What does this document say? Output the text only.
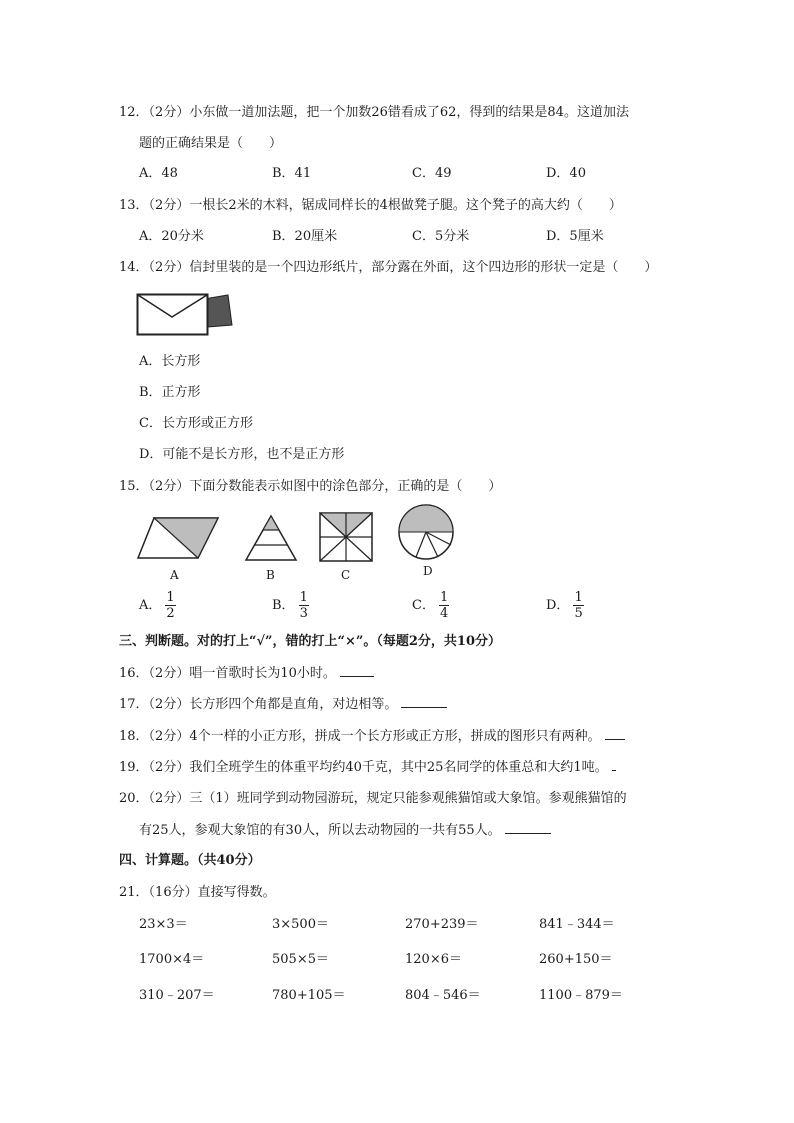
12．（2分）小东做一道加法题，把一个加数26错看成了62，得到的结果是84。这道加法
题的正确结果是（　　）
A．48	B．41	C．49	D．40
13．（2分）一根长2米的木料，锯成同样长的4根做凳子腿。这个凳子的高大约（　　）
A．20分米	B．20厘米	C．5分米	D．5厘米
14．（2分）信封里装的是一个四边形纸片，部分露在外面，这个四边形的形状一定是（　　）
A．长方形
B．正方形
C．长方形或正方形
D．可能不是长方形，也不是正方形
15．（2分）下面分数能表示如图中的涂色部分，正确的是（　　）
A	B	C	D
A． $\frac{1}{2}$	B． $\frac{1}{3}$	C． $\frac{1}{4}$	D． $\frac{1}{5}$
三、判断题。对的打上“√”，错的打上“×”。（每题2分，共10分）
16．（2分）唱一首歌时长为10小时。
17．（2分）长方形四个角都是直角，对边相等。
18．（2分）4个一样的小正方形，拼成一个长方形或正方形，拼成的图形只有两种。
19．（2分）我们全班学生的体重平均约40千克，其中25名同学的体重总和大约1吨。
20．（2分）三（1）班同学到动物园游玩，规定只能参观熊猫馆或大象馆。参观熊猫馆的
有25人，参观大象馆的有30人，所以去动物园的一共有55人。
四、计算题。（共40分）
21．（16分）直接写得数。
23×3＝	3×500＝	270+239＝	841﹣344＝
1700×4＝	505×5＝	120×6＝	260+150＝
310﹣207＝	780+105＝	804﹣546＝	1100﹣879＝
